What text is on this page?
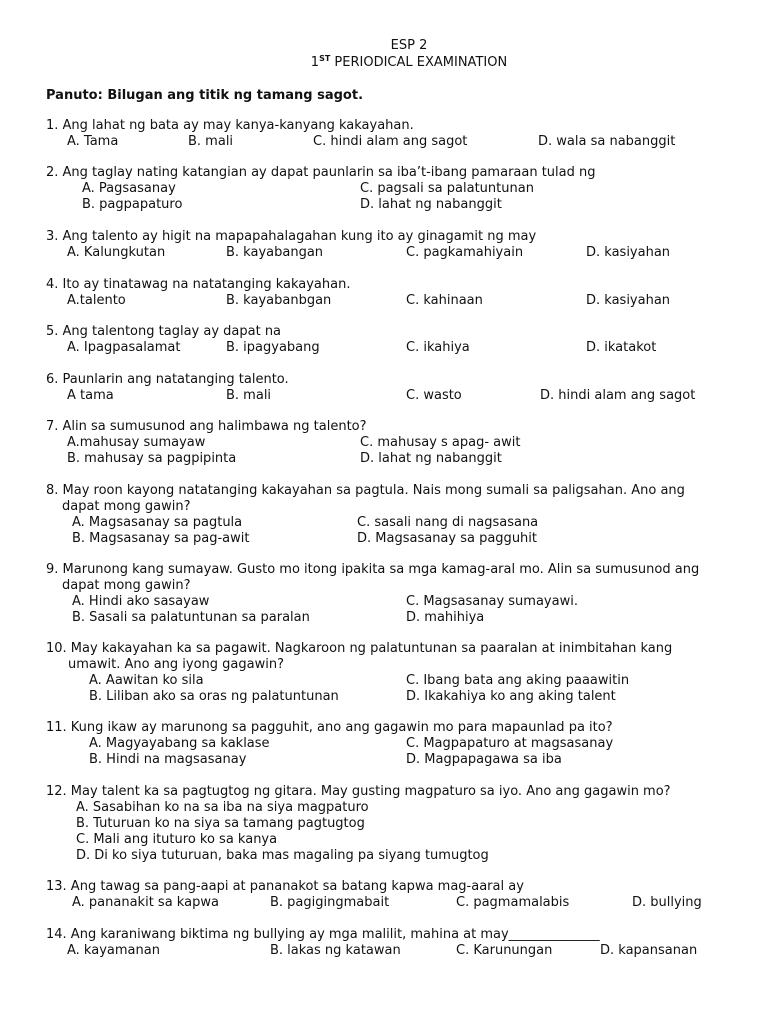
ESP 2
1ST PERIODICAL EXAMINATION
Panuto: Bilugan ang titik ng tamang sagot.
1. Ang lahat ng bata ay may kanya-kanyang kakayahan.
A. Tama	B. mali	C. hindi alam ang sagot	D. wala sa nabanggit
2. Ang taglay nating katangian ay dapat paunlarin sa iba’t-ibang pamaraan tulad ng
A. Pagsasanay	C. pagsali sa palatuntunan
B. pagpapaturo	D. lahat ng nabanggit
3. Ang talento ay higit na mapapahalagahan kung ito ay ginagamit ng may
A. Kalungkutan	B. kayabangan	C. pagkamahiyain	D. kasiyahan
4. Ito ay tinatawag na natatanging kakayahan.
A.talento	B. kayabanbgan	C. kahinaan	D. kasiyahan
5. Ang talentong taglay ay dapat na
A. Ipagpasalamat	B. ipagyabang	C. ikahiya	D. ikatakot
6. Paunlarin ang natatanging talento.
A tama	B. mali	C. wasto	D. hindi alam ang sagot
7. Alin sa sumusunod ang halimbawa ng talento?
A.mahusay sumayaw	C. mahusay s apag- awit
B. mahusay sa pagpipinta	D. lahat ng nabanggit
8. May roon kayong natatanging kakayahan sa pagtula. Nais mong sumali sa paligsahan. Ano ang
dapat mong gawin?
A. Magsasanay sa pagtula	C. sasali nang di nagsasana
B. Magsasanay sa pag-awit	D. Magsasanay sa pagguhit
9. Marunong kang sumayaw. Gusto mo itong ipakita sa mga kamag-aral mo. Alin sa sumusunod ang
dapat mong gawin?
A. Hindi ako sasayaw	C. Magsasanay sumayawi.
B. Sasali sa palatuntunan sa paralan	D. mahihiya
10. May kakayahan ka sa pagawit. Nagkaroon ng palatuntunan sa paaralan at inimbitahan kang
umawit. Ano ang iyong gagawin?
A. Aawitan ko sila	C. Ibang bata ang aking paaawitin
B. Liliban ako sa oras ng palatuntunan	D. Ikakahiya ko ang aking talent
11. Kung ikaw ay marunong sa pagguhit, ano ang gagawin mo para mapaunlad pa ito?
A. Magyayabang sa kaklase	C. Magpapaturo at magsasanay
B. Hindi na magsasanay	D. Magpapagawa sa iba
12. May talent ka sa pagtugtog ng gitara. May gusting magpaturo sa iyo. Ano ang gagawin mo?
A. Sasabihan ko na sa iba na siya magpaturo
B. Tuturuan ko na siya sa tamang pagtugtog
C. Mali ang ituturo ko sa kanya
D. Di ko siya tuturuan, baka mas magaling pa siyang tumugtog
13. Ang tawag sa pang-aapi at pananakot sa batang kapwa mag-aaral ay
A. pananakit sa kapwa	B. pagigingmabait	C. pagmamalabis	D. bullying
14. Ang karaniwang biktima ng bullying ay mga malilit, mahina at may______________
A. kayamanan	B. lakas ng katawan	C. Karunungan	D. kapansanan
